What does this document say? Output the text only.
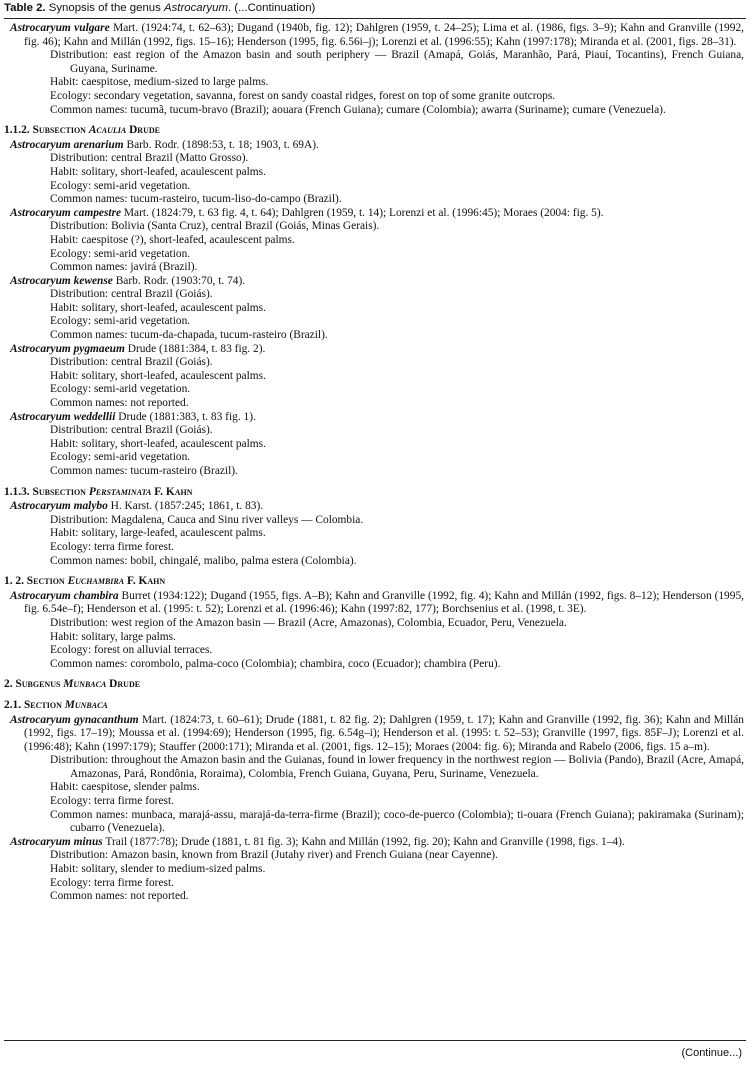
Table 2. Synopsis of the genus Astrocaryum. (...Continuation)
Astrocaryum vulgare Mart. (1924:74, t. 62–63); Dugand (1940b, fig. 12); Dahlgren (1959, t. 24–25); Lima et al. (1986, figs. 3–9); Kahn and Granville (1992, fig. 46); Kahn and Millán (1992, figs. 15–16); Henderson (1995, fig. 6.56i–j); Lorenzi et al. (1996:55); Kahn (1997:178); Miranda et al. (2001, figs. 28–31).
Distribution: east region of the Amazon basin and south periphery — Brazil (Amapá, Goiás, Maranhão, Pará, Piauí, Tocantins), French Guiana, Guyana, Suriname.
Habit: caespitose, medium-sized to large palms.
Ecology: secondary vegetation, savanna, forest on sandy coastal ridges, forest on top of some granite outcrops.
Common names: tucumã, tucum-bravo (Brazil); aouara (French Guiana); cumare (Colombia); awarra (Suriname); cumare (Venezuela).
1.1.2. Subsection Acaulia Drude
Astrocaryum arenarium Barb. Rodr. (1898:53, t. 18; 1903, t. 69A).
Distribution: central Brazil (Matto Grosso).
Habit: solitary, short-leafed, acaulescent palms.
Ecology: semi-arid vegetation.
Common names: tucum-rasteiro, tucum-liso-do-campo (Brazil).
Astrocaryum campestre Mart. (1824:79, t. 63 fig. 4, t. 64); Dahlgren (1959, t. 14); Lorenzi et al. (1996:45); Moraes (2004: fig. 5).
Distribution: Bolivia (Santa Cruz), central Brazil (Goiás, Minas Gerais).
Habit: caespitose (?), short-leafed, acaulescent palms.
Ecology: semi-arid vegetation.
Common names: javirá (Brazil).
Astrocaryum kewense Barb. Rodr. (1903:70, t. 74).
Distribution: central Brazil (Goiás).
Habit: solitary, short-leafed, acaulescent palms.
Ecology: semi-arid vegetation.
Common names: tucum-da-chapada, tucum-rasteiro (Brazil).
Astrocaryum pygmaeum Drude (1881:384, t. 83 fig. 2).
Distribution: central Brazil (Goiás).
Habit: solitary, short-leafed, acaulescent palms.
Ecology: semi-arid vegetation.
Common names: not reported.
Astrocaryum weddellii Drude (1881:383, t. 83 fig. 1).
Distribution: central Brazil (Goiás).
Habit: solitary, short-leafed, acaulescent palms.
Ecology: semi-arid vegetation.
Common names: tucum-rasteiro (Brazil).
1.1.3. Subsection Perstaminata F. Kahn
Astrocaryum malybo H. Karst. (1857:245; 1861, t. 83).
Distribution: Magdalena, Cauca and Sinu river valleys — Colombia.
Habit: solitary, large-leafed, acaulescent palms.
Ecology: terra firme forest.
Common names: bobil, chingalé, malibo, palma estera (Colombia).
1. 2. Section Euchambira F. Kahn
Astrocaryum chambira Burret (1934:122); Dugand (1955, figs. A–B); Kahn and Granville (1992, fig. 4); Kahn and Millán (1992, figs. 8–12); Henderson (1995, fig. 6.54e–f); Henderson et al. (1995: t. 52); Lorenzi et al. (1996:46); Kahn (1997:82, 177); Borchsenius et al. (1998, t. 3E).
Distribution: west region of the Amazon basin — Brazil (Acre, Amazonas), Colombia, Ecuador, Peru, Venezuela.
Habit: solitary, large palms.
Ecology: forest on alluvial terraces.
Common names: corombolo, palma-coco (Colombia); chambira, coco (Ecuador); chambira (Peru).
2. Subgenus Munbaca Drude
2.1. Section Munbaca
Astrocaryum gynacanthum Mart. (1824:73, t. 60–61); Drude (1881, t. 82 fig. 2); Dahlgren (1959, t. 17); Kahn and Granville (1992, fig. 36); Kahn and Millán (1992, figs. 17–19); Moussa et al. (1994:69); Henderson (1995, fig. 6.54g–i); Henderson et al. (1995: t. 52–53); Granville (1997, figs. 85F–J); Lorenzi et al. (1996:48); Kahn (1997:179); Stauffer (2000:171); Miranda et al. (2001, figs. 12–15); Moraes (2004: fig. 6); Miranda and Rabelo (2006, figs. 15 a–m).
Distribution: throughout the Amazon basin and the Guianas, found in lower frequency in the northwest region — Bolivia (Pando), Brazil (Acre, Amapá, Amazonas, Pará, Rondônia, Roraima), Colombia, French Guiana, Guyana, Peru, Suriname, Venezuela.
Habit: caespitose, slender palms.
Ecology: terra firme forest.
Common names: munbaca, marajá-assu, marajá-da-terra-firme (Brazil); coco-de-puerco (Colombia); ti-ouara (French Guiana); pakiramaka (Surinam); cubarro (Venezuela).
Astrocaryum minus Trail (1877:78); Drude (1881, t. 81 fig. 3); Kahn and Millán (1992, fig. 20); Kahn and Granville (1998, figs. 1–4).
Distribution: Amazon basin, known from Brazil (Jutahy river) and French Guiana (near Cayenne).
Habit: solitary, slender to medium-sized palms.
Ecology: terra firme forest.
Common names: not reported.
(Continue...)
